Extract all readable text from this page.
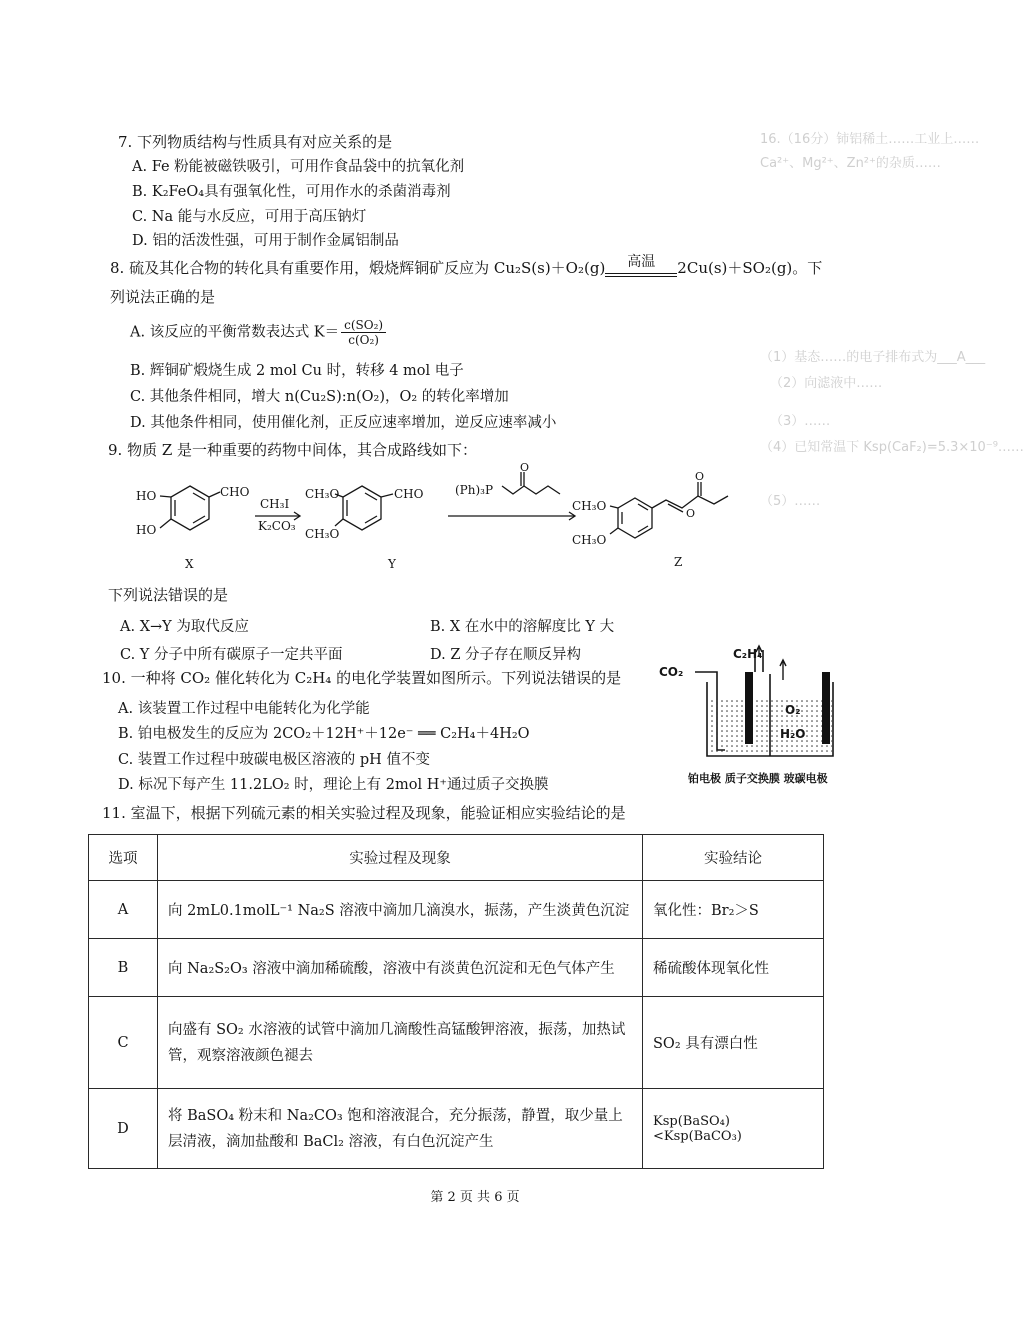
16.（16分）铈铝稀土……工业上……
Ca²⁺、Mg²⁺、Zn²⁺的杂质……
（1）基态……的电子排布式为___A___
（2）向滤液中……
（3）……
（4）已知常温下 Ksp(CaF₂)=5.3×10⁻⁹……
（5）……
7. 下列物质结构与性质具有对应关系的是
A. Fe 粉能被磁铁吸引，可用作食品袋中的抗氧化剂
B. K₂FeO₄具有强氧化性，可用作水的杀菌消毒剂
C. Na 能与水反应，可用于高压钠灯
D. 铝的活泼性强，可用于制作金属铝制品
8. 硫及其化合物的转化具有重要作用，煅烧辉铜矿反应为 Cu₂S(s)＋O₂(g)	高温	2Cu(s)＋SO₂(g)。下
列说法正确的是
A. 该反应的平衡常数表达式 $K= \frac{\text{c(SO₂)}}{\text{c(O₂)}}$
B. 辉铜矿煅烧生成 2 mol Cu 时，转移 4 mol 电子
C. 其他条件相同，增大 n(Cu₂S):n(O₂)，O₂ 的转化率增加
D. 其他条件相同，使用催化剂，正反应速率增加，逆反应速率减小
9. 物质 Z 是一种重要的药物中间体，其合成路线如下：
HO
HO
CHO
CH₃I
K₂CO₃
CH₃O
CH₃O
CHO	(Ph)₃P
O
CH₃O
CH₃O
O
O
X	Y	Z
下列说法错误的是
A. X→Y 为取代反应	B. X 在水中的溶解度比 Y 大
C. Y 分子中所有碳原子一定共平面	D. Z 分子存在顺反异构
10. 一种将 CO₂ 催化转化为 C₂H₄ 的电化学装置如图所示。下列说法错误的是
A. 该装置工作过程中电能转化为化学能
B. 铂电极发生的反应为 2CO₂＋12H⁺＋12e⁻ ══ C₂H₄＋4H₂O
C. 装置工作过程中玻碳电极区溶液的 pH 值不变
D. 标况下每产生 11.2LO₂ 时，理论上有 2mol H⁺通过质子交换膜
CO₂
C₂H₄
O₂
H₂O
铂电极 质子交换膜 玻碳电极
11. 室温下，根据下列硫元素的相关实验过程及现象，能验证相应实验结论的是
选项	实验过程及现象	实验结论
A	向 2mL0.1molL⁻¹ Na₂S 溶液中滴加几滴溴水，振荡，产生淡黄色沉淀	氧化性：Br₂＞S
B	向 Na₂S₂O₃ 溶液中滴加稀硫酸，溶液中有淡黄色沉淀和无色气体产生	稀硫酸体现氧化性
C	向盛有 SO₂ 水溶液的试管中滴加几滴酸性高锰酸钾溶液，振荡，加热试管，观察溶液颜色褪去	SO₂ 具有漂白性
D	将 BaSO₄ 粉末和 Na₂CO₃ 饱和溶液混合，充分振荡，静置，取少量上层清液，滴加盐酸和 BaCl₂ 溶液，有白色沉淀产生	Ksp(BaSO₄)<Ksp(BaCO₃)
第 2 页 共 6 页
